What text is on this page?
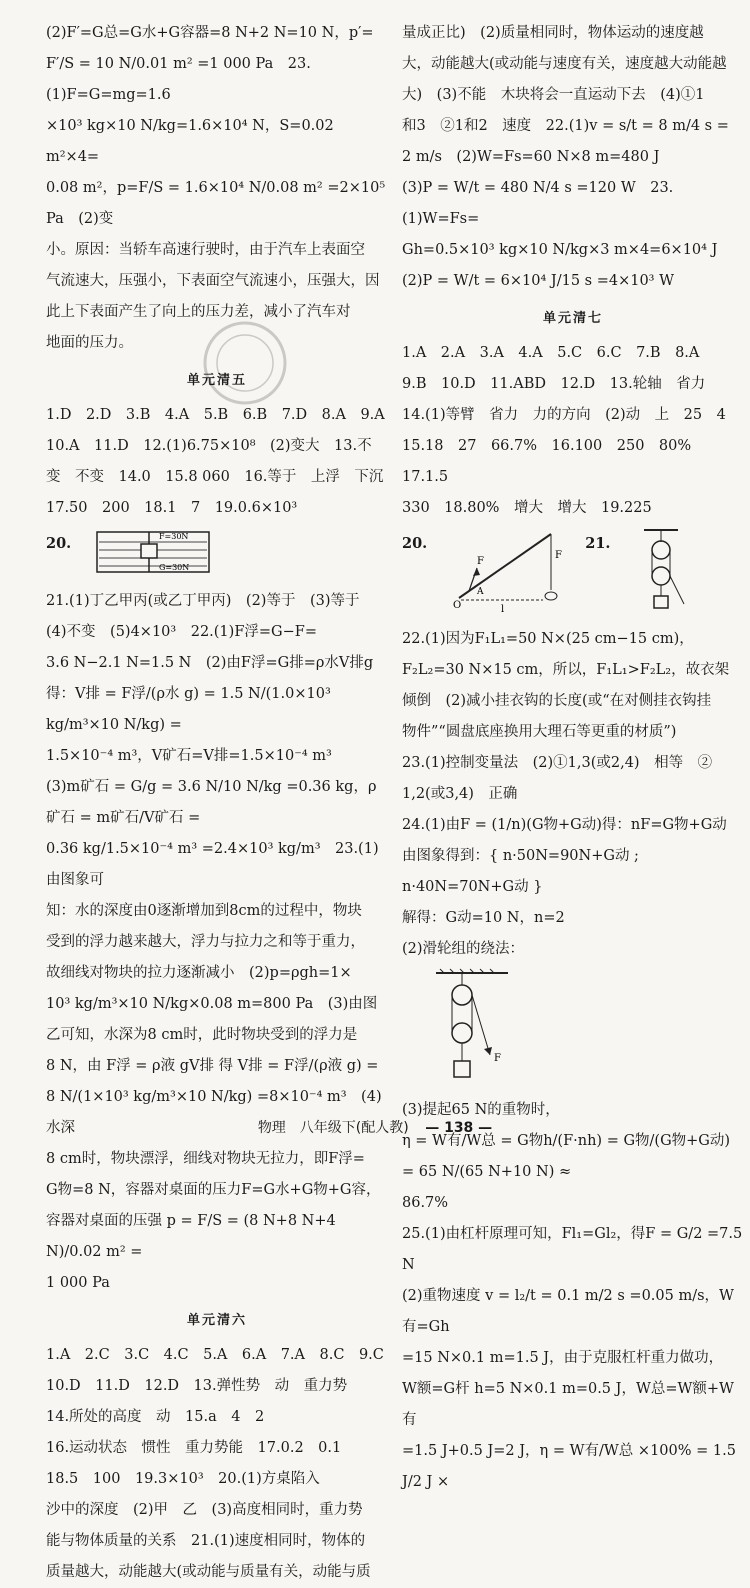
(2)F′=G总=G水+G容器=8 N+2 N=10 N，p′=

F′/S = 10 N/0.01 m² =1 000 Pa　23.(1)F=G=mg=1.6

×10³ kg×10 N/kg=1.6×10⁴ N，S=0.02 m²×4=

0.08 m²，p=F/S = 1.6×10⁴ N/0.08 m² =2×10⁵ Pa　(2)变

小。原因：当轿车高速行驶时，由于汽车上表面空

气流速大，压强小，下表面空气流速小，压强大，因

此上下表面产生了向上的压力差，减小了汽车对

地面的压力。

单元清五

1.D　2.D　3.B　4.A　5.B　6.B　7.D　8.A　9.A

10.A　11.D　12.(1)6.75×10⁸　(2)变大　13.不

变　不变　14.0　15.8 060　16.等于　上浮　下沉

17.50　200　18.1　7　19.0.6×10³

20.	F=30N
G=30N

21.(1)丁乙甲丙(或乙丁甲丙)　(2)等于　(3)等于

(4)不变　(5)4×10³　22.(1)F浮=G−F=

3.6 N−2.1 N=1.5 N　(2)由F浮=G排=ρ水V排g

得：V排 = F浮/(ρ水 g) = 1.5 N/(1.0×10³ kg/m³×10 N/kg) =

1.5×10⁻⁴ m³，V矿石=V排=1.5×10⁻⁴ m³

(3)m矿石 = G/g = 3.6 N/10 N/kg =0.36 kg，ρ矿石 = m矿石/V矿石 =

0.36 kg/1.5×10⁻⁴ m³ =2.4×10³ kg/m³　23.(1)由图象可

知：水的深度由0逐渐增加到8cm的过程中，物块

受到的浮力越来越大，浮力与拉力之和等于重力，

故细线对物块的拉力逐渐减小　(2)p=ρgh=1×

10³ kg/m³×10 N/kg×0.08 m=800 Pa　(3)由图

乙可知，水深为8 cm时，此时物块受到的浮力是

8 N，由 F浮 = ρ液 gV排 得 V排 = F浮/(ρ液 g) =

8 N/(1×10³ kg/m³×10 N/kg) =8×10⁻⁴ m³　(4)水深

8 cm时，物块漂浮，细线对物块无拉力，即F浮=

G物=8 N，容器对桌面的压力F=G水+G物+G容，

容器对桌面的压强 p = F/S = (8 N+8 N+4 N)/0.02 m² =

1 000 Pa

单元清六

1.A　2.C　3.C　4.C　5.A　6.A　7.A　8.C　9.C

10.D　11.D　12.D　13.弹性势　动　重力势

14.所处的高度　动　15.a　4　2

16.运动状态　惯性　重力势能　17.0.2　0.1

18.5　100　19.3×10³　20.(1)方桌陷入

沙中的深度　(2)甲　乙　(3)高度相同时，重力势

能与物体质量的关系　21.(1)速度相同时，物体的

质量越大，动能越大(或动能与质量有关，动能与质

量成正比)　(2)质量相同时，物体运动的速度越

大，动能越大(或动能与速度有关，速度越大动能越

大)　(3)不能　木块将会一直运动下去　(4)①1

和3　②1和2　速度　22.(1)v = s/t = 8 m/4 s =

2 m/s　(2)W=Fs=60 N×8 m=480 J

(3)P = W/t = 480 N/4 s =120 W　23.(1)W=Fs=

Gh=0.5×10³ kg×10 N/kg×3 m×4=6×10⁴ J

(2)P = W/t = 6×10⁴ J/15 s =4×10³ W

单元清七

1.A　2.A　3.A　4.A　5.C　6.C　7.B　8.A

9.B　10.D　11.ABD　12.D　13.轮轴　省力

14.(1)等臂　省力　力的方向　(2)动　上　25　4

15.18　27　66.7%　16.100　250　80%　17.1.5

330　18.80%　增大　增大　19.225

20.
O
A
F
F
l
21.

22.(1)因为F₁L₁=50 N×(25 cm−15 cm)，

F₂L₂=30 N×15 cm，所以，F₁L₁>F₂L₂，故衣架

倾倒　(2)减小挂衣钩的长度(或“在对侧挂衣钩挂

物件”“圆盘底座换用大理石等更重的材质”)

23.(1)控制变量法　(2)①1,3(或2,4)　相等　②

1,2(或3,4)　正确

24.(1)由F = (1/n)(G物+G动)得：nF=G物+G动

由图象得到：{ n·50N=90N+G动 ; n·40N=70N+G动 }

解得：G动=10 N，n=2

(2)滑轮组的绕法：

F

(3)提起65 N的重物时，

η = W有/W总 = G物h/(F·nh) = G物/(G物+G动) = 65 N/(65 N+10 N) ≈

86.7%

25.(1)由杠杆原理可知，Fl₁=Gl₂，得F = G/2 =7.5 N

(2)重物速度 v = l₂/t = 0.1 m/2 s =0.05 m/s，W有=Gh

=15 N×0.1 m=1.5 J，由于克服杠杆重力做功，

W额=G杆 h=5 N×0.1 m=0.5 J，W总=W额+W有

=1.5 J+0.5 J=2 J，η = W有/W总 ×100% = 1.5 J/2 J ×

物理　八年级下(配人教) — 138 —
